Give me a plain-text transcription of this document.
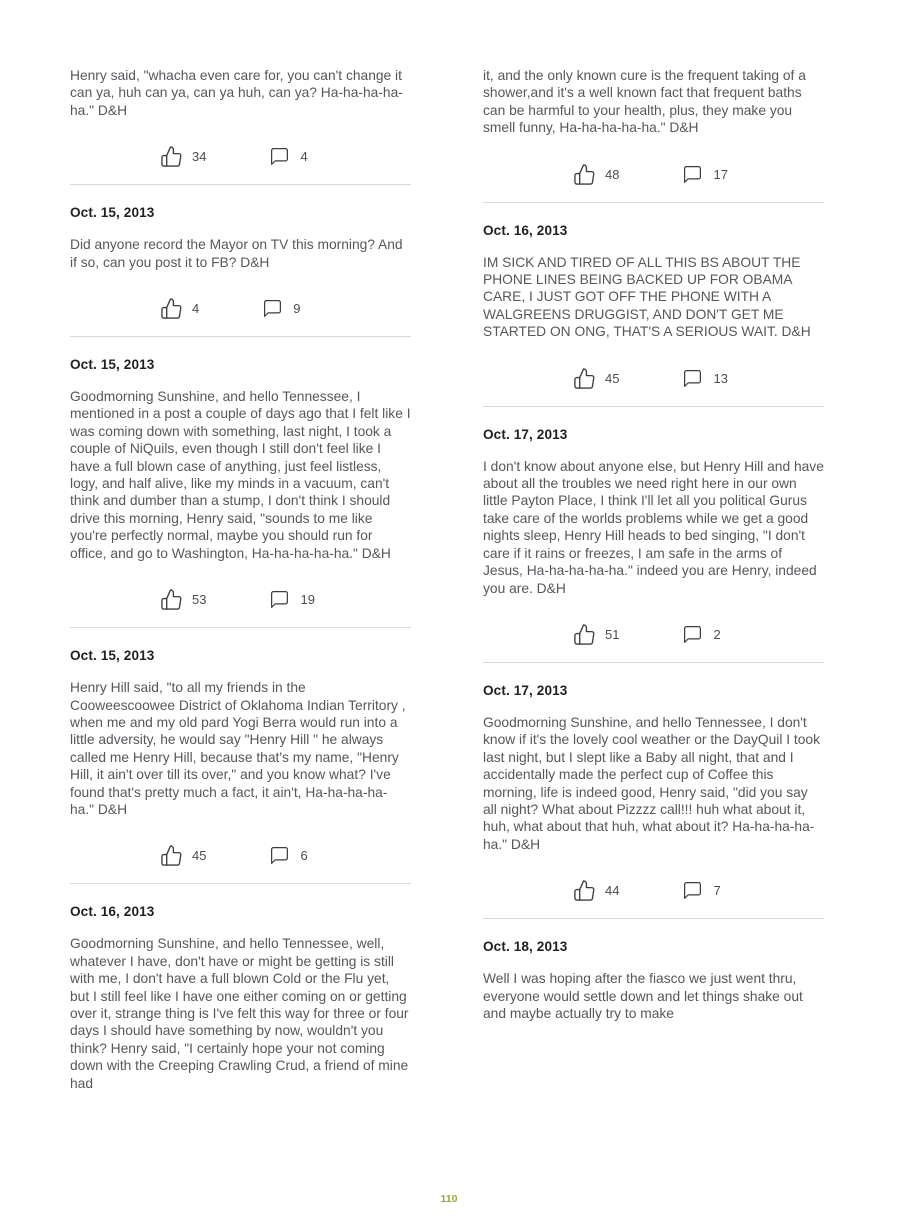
Henry said, "whacha even care for, you can't change it can ya, huh can ya, can ya huh, can ya? Ha-ha-ha-ha-ha." D&H

34	4
Oct. 15, 2013

Did anyone record the Mayor on TV this morning? And if so, can you post it to FB? D&H

4	9
Oct. 15, 2013

Goodmorning Sunshine, and hello Tennessee, I mentioned in a post a couple of days ago that I felt like I was coming down with something, last night, I took a couple of NiQuils, even though I still don't feel like I have a full blown case of anything, just feel listless, logy, and half alive, like my minds in a vacuum, can't think and dumber than a stump, I don't think I should drive this morning, Henry said, "sounds to me like you're perfectly normal, maybe you should run for office, and go to Washington, Ha-ha-ha-ha-ha." D&H

53	19
Oct. 15, 2013

Henry Hill said, "to all my friends in the Cooweescoowee District of Oklahoma Indian Territory , when me and my old pard Yogi Berra would run into a little adversity, he would say "Henry Hill " he always called me Henry Hill, because that's my name, "Henry Hill, it ain't over till its over," and you know what? I've found that's pretty much a fact, it ain't, Ha-ha-ha-ha-ha." D&H

45	6
Oct. 16, 2013

Goodmorning Sunshine, and hello Tennessee, well, whatever I have, don't have or might be getting is still with me, I don't have a full blown Cold or the Flu yet, but I still feel like I have one either coming on or getting over it, strange thing is I've felt this way for three or four days I should have something by now, wouldn't you think? Henry said, "I certainly hope your not coming down with the Creeping Crawling Crud, a friend of mine had

it, and the only known cure is the frequent taking of a shower,and it's a well known fact that frequent baths can be harmful to your health, plus, they make you smell funny, Ha-ha-ha-ha-ha." D&H

48	17
Oct. 16, 2013

IM SICK AND TIRED OF ALL THIS BS ABOUT THE PHONE LINES BEING BACKED UP FOR OBAMA CARE, I JUST GOT OFF THE PHONE WITH A WALGREENS DRUGGIST, AND DON'T GET ME STARTED ON ONG, THAT'S A SERIOUS WAIT. D&H

45	13
Oct. 17, 2013

I don't know about anyone else, but Henry Hill and have about all the troubles we need right here in our own little Payton Place, I think I'll let all you political Gurus take care of the worlds problems while we get a good nights sleep, Henry Hill heads to bed singing, "I don't care if it rains or freezes, I am safe in the arms of Jesus, Ha-ha-ha-ha-ha." indeed you are Henry, indeed you are. D&H

51	2
Oct. 17, 2013

Goodmorning Sunshine, and hello Tennessee, I don't know if it's the lovely cool weather or the DayQuil I took last night, but I slept like a Baby all night, that and I accidentally made the perfect cup of Coffee this morning, life is indeed good, Henry said, "did you say all night? What about Pizzzz call!!! huh what about it, huh, what about that huh, what about it? Ha-ha-ha-ha-ha." D&H

44	7
Oct. 18, 2013

Well I was hoping after the fiasco we just went thru, everyone would settle down and let things shake out and maybe actually try to make

110
